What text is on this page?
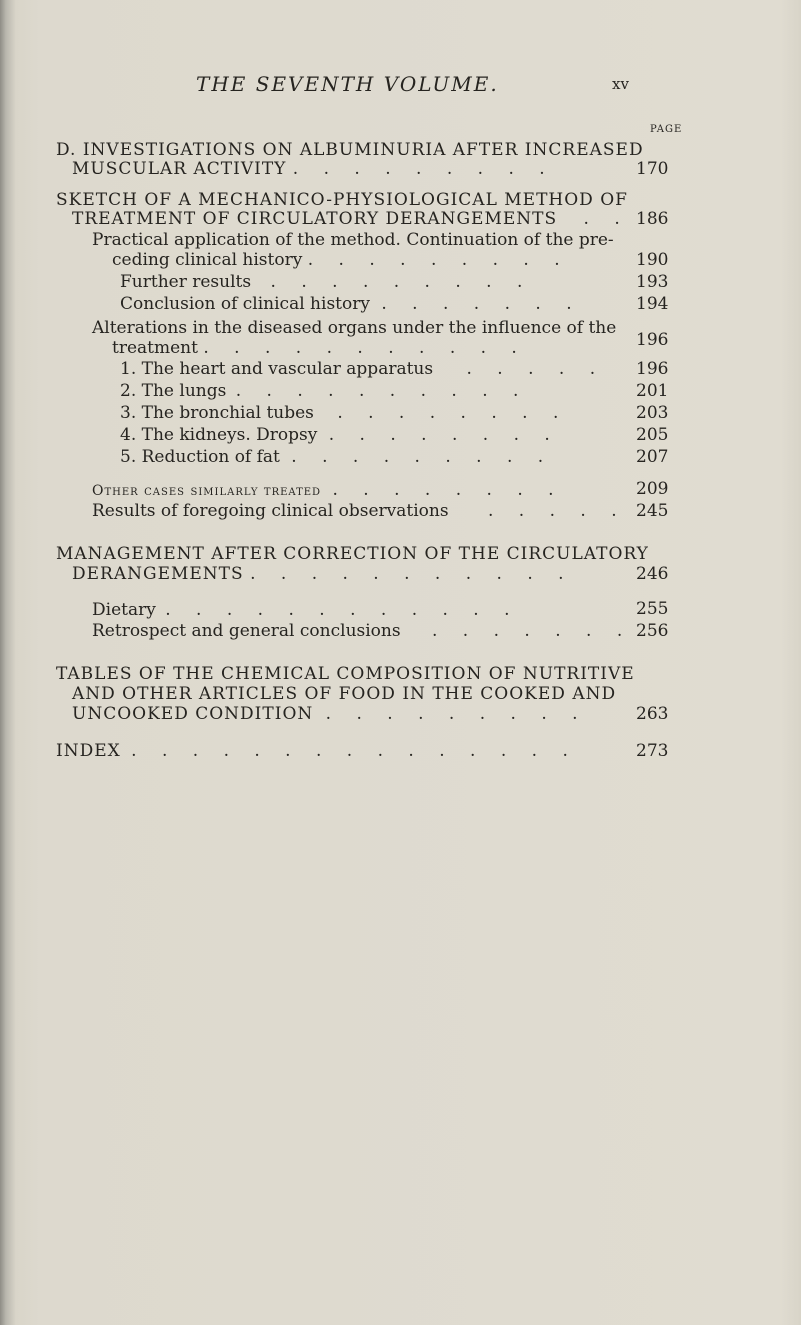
THE SEVENTH VOLUME.	xv
PAGE
D. INVESTIGATIONS ON ALBUMINURIA AFTER INCREASED
MUSCULAR ACTIVITY . . . . . . . . .	170
SKETCH OF A MECHANICO-PHYSIOLOGICAL METHOD OF
TREATMENT OF CIRCULATORY DERANGEMENTS . . 186
Practical application of the method. Continuation of the pre-
ceding clinical history . . . . . . . . .	190
Further results . . . . . . . . .	193
Conclusion of clinical history . . . . . . .	194
Alterations in the diseased organs under the influence of the
treatment . . . . . . . . . . .	196
1. The heart and vascular apparatus . . . . . 196
2. The lungs . . . . . . . . . .	201
3. The bronchial tubes . . . . . . . .	203
4. The kidneys. Dropsy . . . . . . . .	205
5. Reduction of fat . . . . . . . . .	207
Other cases similarly treated . . . . . . . .	209
Results of foregoing clinical observations . . . . . 245
MANAGEMENT AFTER CORRECTION OF THE CIRCULATORY
DERANGEMENTS . . . . . . . . . . .	246
Dietary . . . . . . . . . . . .	255
Retrospect and general conclusions . . . . . . . 256
TABLES OF THE CHEMICAL COMPOSITION OF NUTRITIVE
AND OTHER ARTICLES OF FOOD IN THE COOKED AND
UNCOOKED CONDITION . . . . . . . . .	263
INDEX . . . . . . . . . . . . . . .	273
